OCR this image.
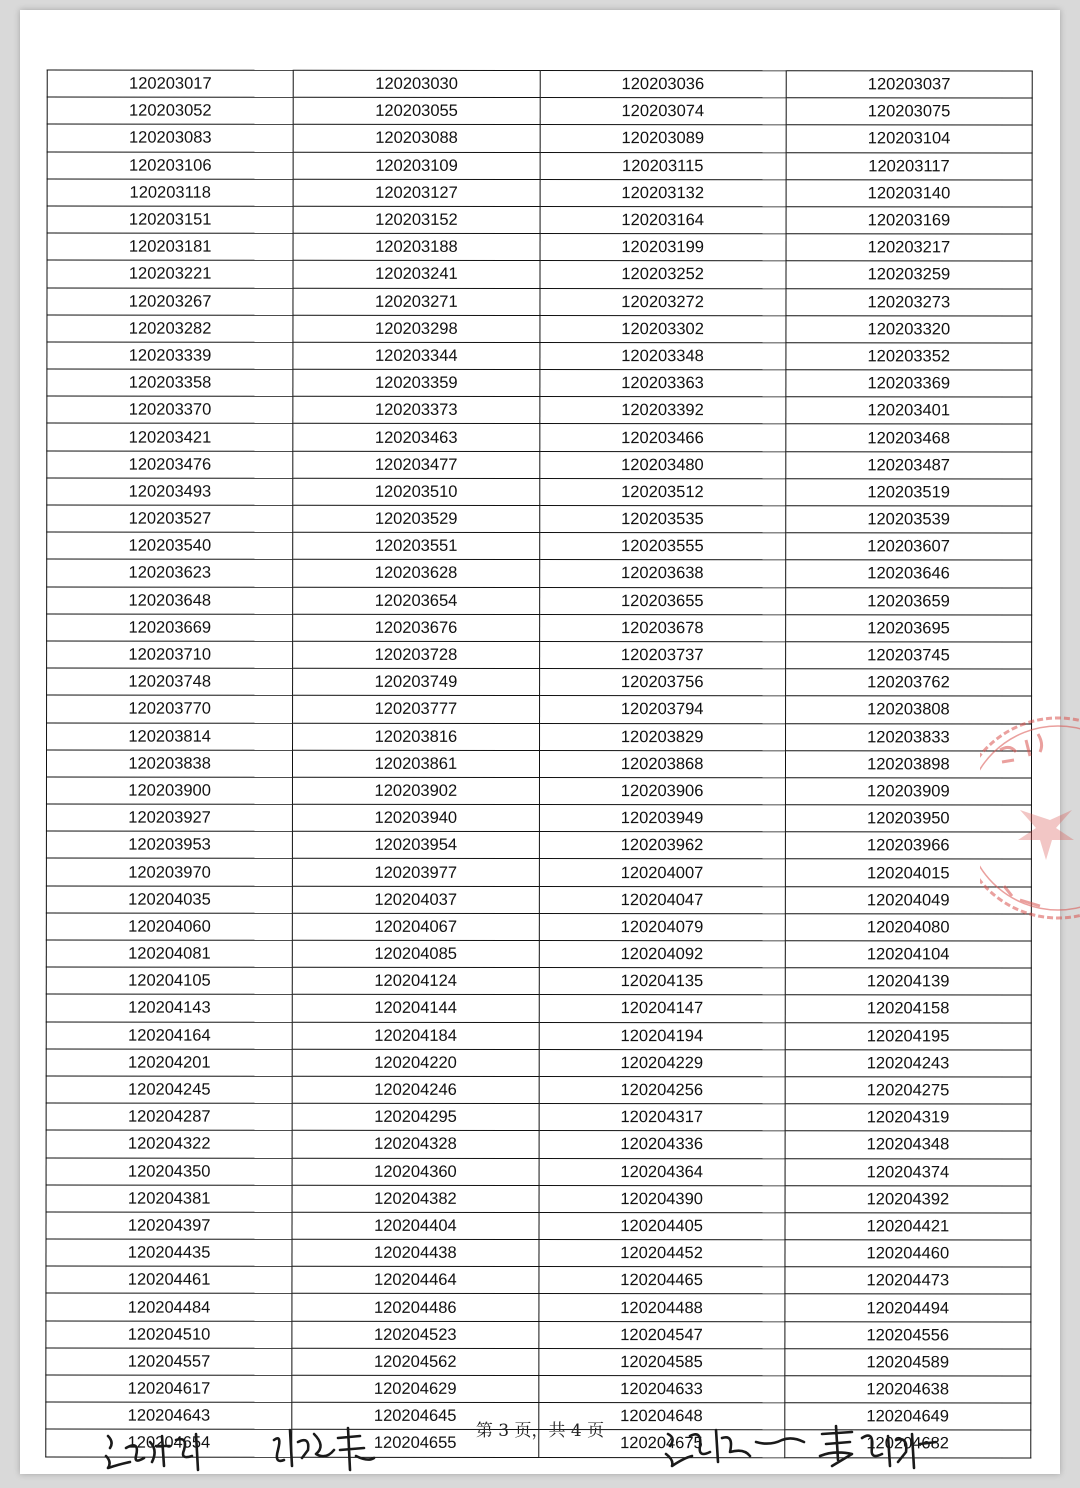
120203017	120203030	120203036	120203037
120203052	120203055	120203074	120203075
120203083	120203088	120203089	120203104
120203106	120203109	120203115	120203117
120203118	120203127	120203132	120203140
120203151	120203152	120203164	120203169
120203181	120203188	120203199	120203217
120203221	120203241	120203252	120203259
120203267	120203271	120203272	120203273
120203282	120203298	120203302	120203320
120203339	120203344	120203348	120203352
120203358	120203359	120203363	120203369
120203370	120203373	120203392	120203401
120203421	120203463	120203466	120203468
120203476	120203477	120203480	120203487
120203493	120203510	120203512	120203519
120203527	120203529	120203535	120203539
120203540	120203551	120203555	120203607
120203623	120203628	120203638	120203646
120203648	120203654	120203655	120203659
120203669	120203676	120203678	120203695
120203710	120203728	120203737	120203745
120203748	120203749	120203756	120203762
120203770	120203777	120203794	120203808
120203814	120203816	120203829	120203833
120203838	120203861	120203868	120203898
120203900	120203902	120203906	120203909
120203927	120203940	120203949	120203950
120203953	120203954	120203962	120203966
120203970	120203977	120204007	120204015
120204035	120204037	120204047	120204049
120204060	120204067	120204079	120204080
120204081	120204085	120204092	120204104
120204105	120204124	120204135	120204139
120204143	120204144	120204147	120204158
120204164	120204184	120204194	120204195
120204201	120204220	120204229	120204243
120204245	120204246	120204256	120204275
120204287	120204295	120204317	120204319
120204322	120204328	120204336	120204348
120204350	120204360	120204364	120204374
120204381	120204382	120204390	120204392
120204397	120204404	120204405	120204421
120204435	120204438	120204452	120204460
120204461	120204464	120204465	120204473
120204484	120204486	120204488	120204494
120204510	120204523	120204547	120204556
120204557	120204562	120204585	120204589
120204617	120204629	120204633	120204638
120204643	120204645	120204648	120204649
120204654	120204655	120204675	120204682
第 3 页，共 4 页
